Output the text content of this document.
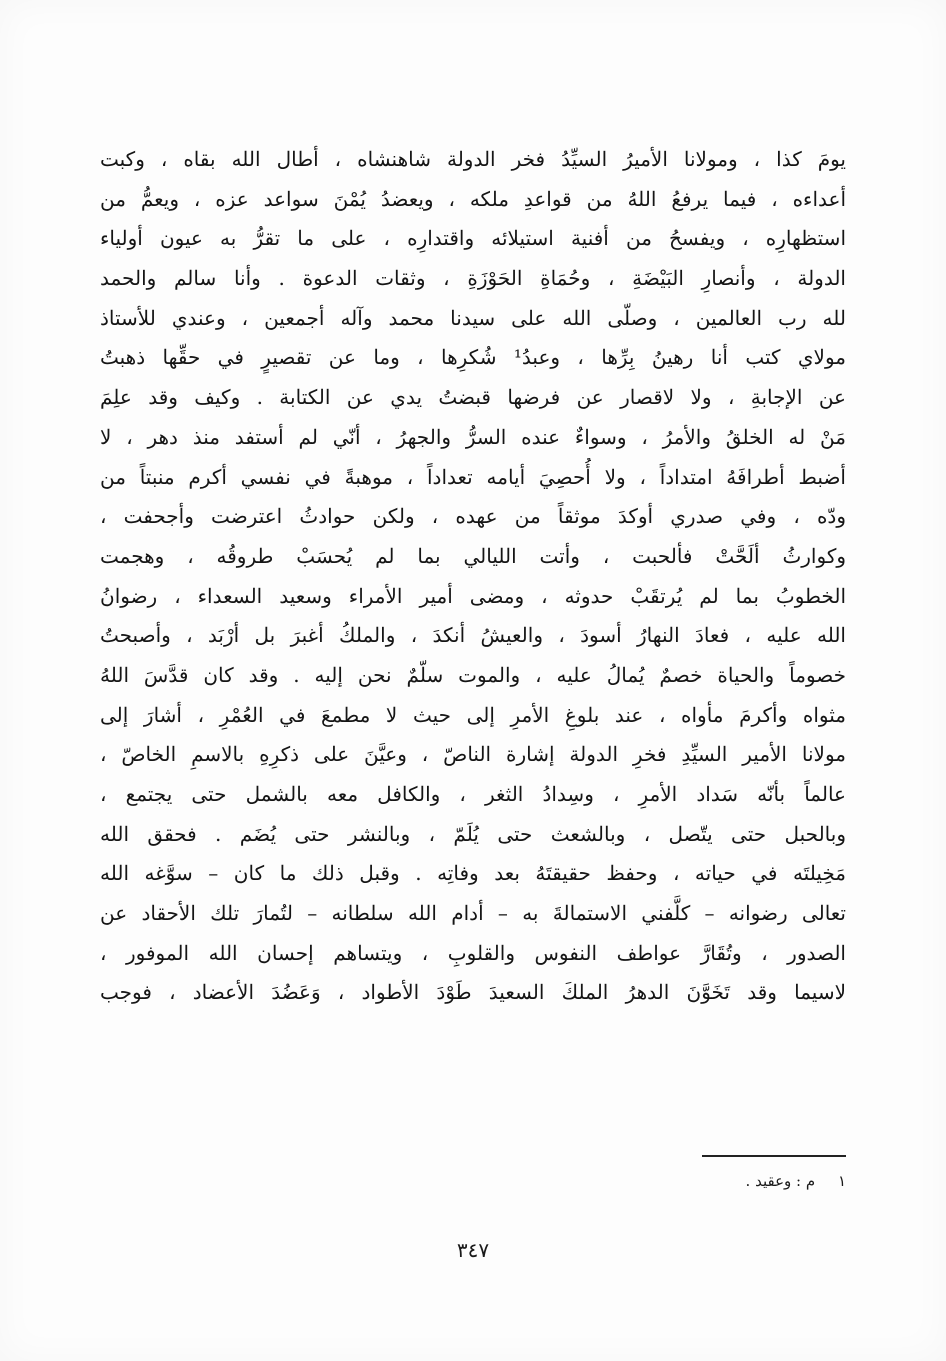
يومَ كذا ، ومولانا الأميرُ السيِّدُ فخر الدولة شاهنشاه ، أطال الله بقاه ، وكبت
أعداءه ، فيما يرفعُ اللهُ من قواعدِ ملكه ، ويعضدُ يُمْنَ سواعد عزه ، ويعمُّ من
استظهارِه ، ويفسحُ من أفنية استيلائه واقتدارِه ، على ما تقرُّ به عيون أولياء
الدولة ، وأنصارِ البَيْضَةِ ، وحُمَاةِ الحَوْزَةِ ، وثقات الدعوة . وأنا سالم والحمد
لله رب العالمين ، وصلّى الله على سيدنا محمد وآله أجمعين ، وعندي للأستاذ
مولاي كتب أنا رهينُ بِرِّها ، وعبدُ¹ شُكرِها ، وما عن تقصيرٍ في حقِّها ذهبتُ
عن الإجابةِ ، ولا لاقصار عن فرضها قبضتُ يدي عن الكتابة . وكيف وقد علِمَ
مَنْ له الخلقُ والأمرُ ، وسواءٌ عنده السرُّ والجهرُ ، أنّي لم أستفد منذ دهر ، لا
أضبط أطرافَهُ امتداداً ، ولا أُحصِيَ أيامه تعداداً ، موهبةً في نفسي أكرم منبتاً من
ودّه ، وفي صدري أوكدَ موثقاً من عهده ، ولكن حوادثُ اعترضت وأجحفت ،
وكوارثُ ألَحَّتْ فألحبت ، وأتت الليالي بما لم يُحسَبْ طروقُه ، وهجمت
الخطوبُ بما لم يُرتقَبْ حدوثه ، ومضى أمير الأمراء وسعيد السعداء ، رضوانُ
الله عليه ، فعادَ النهارُ أسودَ ، والعيشُ أنكدَ ، والملكُ أغبرَ بل أرْبَد ، وأصبحتُ
خصوماً والحياة خصمٌ يُمالُ عليه ، والموت سلّمٌ نحن إليه . وقد كان قدَّسَ اللهُ
مثواه وأكرمَ مأواه ، عند بلوغِ الأمرِ إلى حيث لا مطمعَ في العُمْرِ ، أشارَ إلى
مولانا الأمير السيِّدِ فخرِ الدولة إشارة الناصّ ، وعيَّنَ على ذكرِهِ بالاسمِ الخاصّ ،
عالماً بأنّه سَداد الأمرِ ، وسِدادُ الثغر ، والكافل معه بالشمل حتى يجتمع ،
وبالحبل حتى يتّصل ، وبالشعث حتى يُلَمّ ، وبالنشر حتى يُضَم . فحقق الله
مَخِيلتَه في حياته ، وحفظ حقيقتَهُ بعد وفاتِه . وقبل ذلك ما كان – سوَّغه الله
تعالى رضوانه – كلَّفني الاستمالةَ به – أدام الله سلطانه – لتُمارَ تلك الأحقاد عن
الصدور ، وتُقَارَّ عواطف النفوس والقلوبِ ، ويتساهم إحسان الله الموفور ،
لاسيما وقد تَخَوَّنَ الدهرُ الملكَ السعيدَ طَوْدَ الأطواد ، وَعَضُدَ الأعضاد ، فوجب
١ م : وعقيد .
٣٤٧
